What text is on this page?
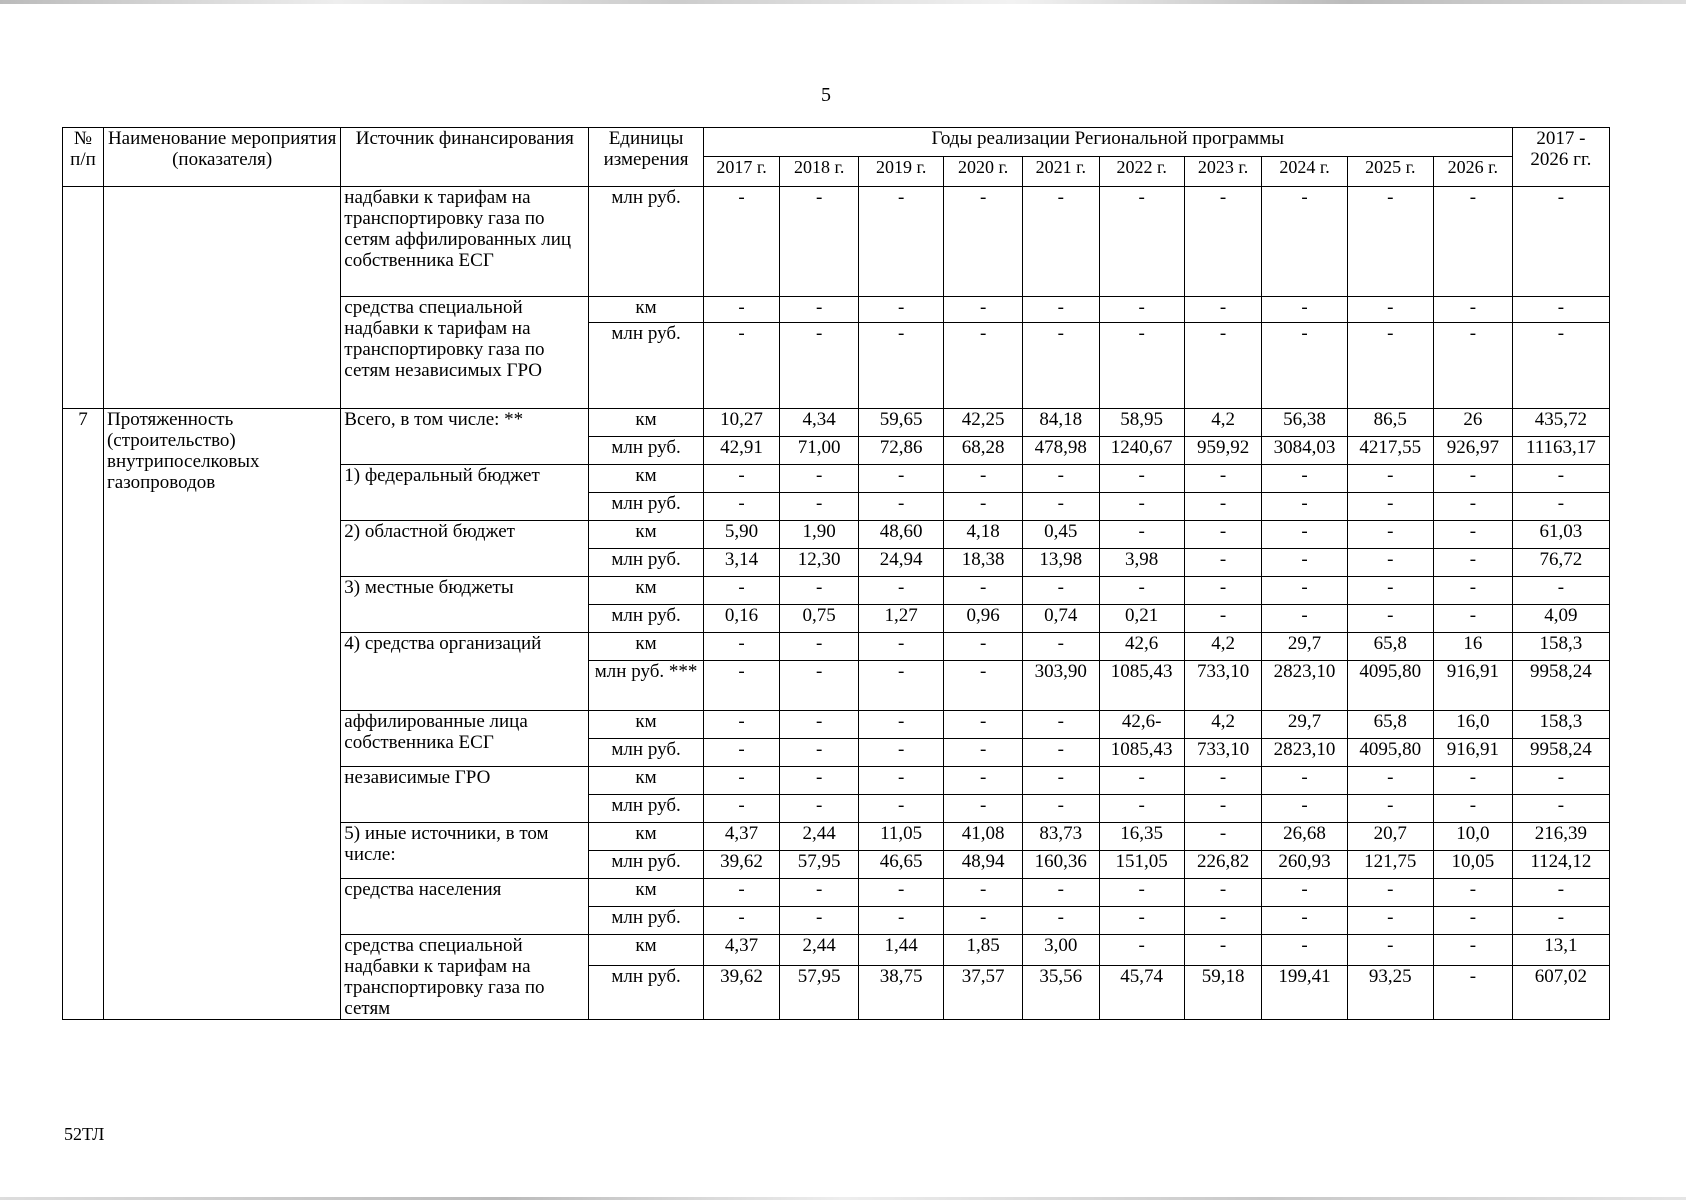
5
№ п/п	Наименование мероприятия (показателя)	Источник финансирования	Единицы измерения	Годы реализации Региональной программы										2017 - 2026 гг.
				2017 г.	2018 г.	2019 г.	2020 г.	2021 г.	2022 г.	2023 г.	2024 г.	2025 г.	2026 г.	
		надбавки к тарифам на транспортировку газа по сетям аффилированных лиц собственника ЕСГ	млн руб.	-	-	-	-	-	-	-	-	-	-	-
		средства специальной надбавки к тарифам на транспортировку газа по сетям независимых ГРО	км	-	-	-	-	-	-	-	-	-	-	-
			млн руб.	-	-	-	-	-	-	-	-	-	-	-
7	Протяженность (строительство) внутрипоселковых газопроводов	Всего, в том числе: **	км	10,27	4,34	59,65	42,25	84,18	58,95	4,2	56,38	86,5	26	435,72
			млн руб.	42,91	71,00	72,86	68,28	478,98	1240,67	959,92	3084,03	4217,55	926,97	11163,17
		1) федеральный бюджет	км	-	-	-	-	-	-	-	-	-	-	-
			млн руб.	-	-	-	-	-	-	-	-	-	-	-
		2) областной бюджет	км	5,90	1,90	48,60	4,18	0,45	-	-	-	-	-	61,03
			млн руб.	3,14	12,30	24,94	18,38	13,98	3,98	-	-	-	-	76,72
		3) местные бюджеты	км	-	-	-	-	-	-	-	-	-	-	-
			млн руб.	0,16	0,75	1,27	0,96	0,74	0,21	-	-	-	-	4,09
		4) средства организаций	км	-	-	-	-	-	42,6	4,2	29,7	65,8	16	158,3
			млн руб. ***	-	-	-	-	303,90	1085,43	733,10	2823,10	4095,80	916,91	9958,24
		аффилированные лица собственника ЕСГ	км	-	-	-	-	-	42,6-	4,2	29,7	65,8	16,0	158,3
			млн руб.	-	-	-	-	-	1085,43	733,10	2823,10	4095,80	916,91	9958,24
		независимые ГРО	км	-	-	-	-	-	-	-	-	-	-	-
			млн руб.	-	-	-	-	-	-	-	-	-	-	-
		5) иные источники, в том числе:	км	4,37	2,44	11,05	41,08	83,73	16,35	-	26,68	20,7	10,0	216,39
			млн руб.	39,62	57,95	46,65	48,94	160,36	151,05	226,82	260,93	121,75	10,05	1124,12
		средства населения	км	-	-	-	-	-	-	-	-	-	-	-
			млн руб.	-	-	-	-	-	-	-	-	-	-	-
		средства специальной надбавки к тарифам на транспортировку газа по сетям	км	4,37	2,44	1,44	1,85	3,00	-	-	-	-	-	13,1
			млн руб.	39,62	57,95	38,75	37,57	35,56	45,74	59,18	199,41	93,25	-	607,02
52ТЛ
